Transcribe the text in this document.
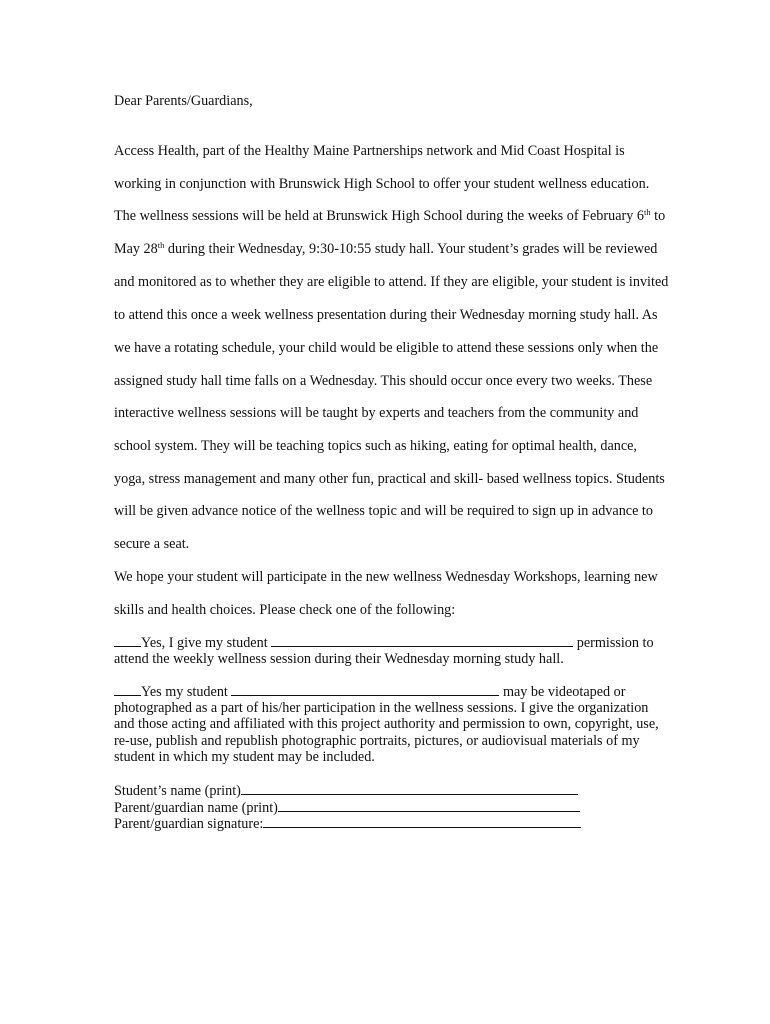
Dear Parents/Guardians,
Access Health, part of the Healthy Maine Partnerships network and Mid Coast Hospital is
working in conjunction with Brunswick High School to offer your student wellness education.
The wellness sessions will be held at Brunswick High School during the weeks of February 6th to
May 28th during their Wednesday, 9:30-10:55 study hall. Your student’s grades will be reviewed
and monitored as to whether they are eligible to attend. If they are eligible, your student is invited
to attend this once a week wellness presentation during their Wednesday morning study hall. As
we have a rotating schedule, your child would be eligible to attend these sessions only when the
assigned study hall time falls on a Wednesday. This should occur once every two weeks. These
interactive wellness sessions will be taught by experts and teachers from the community and
school system. They will be teaching topics such as hiking, eating for optimal health, dance,
yoga, stress management and many other fun, practical and skill- based wellness topics. Students
will be given advance notice of the wellness topic and will be required to sign up in advance to
secure a seat.
We hope your student will participate in the new wellness Wednesday Workshops, learning new
skills and health choices. Please check one of the following:
Yes, I give my student	permission to
attend the weekly wellness session during their Wednesday morning study hall.
Yes my student	may be videotaped or
photographed as a part of his/her participation in the wellness sessions. I give the organization
and those acting and affiliated with this project authority and permission to own, copyright, use,
re-use, publish and republish photographic portraits, pictures, or audiovisual materials of my
student in which my student may be included.
Student’s name (print)
Parent/guardian name (print)
Parent/guardian signature:
